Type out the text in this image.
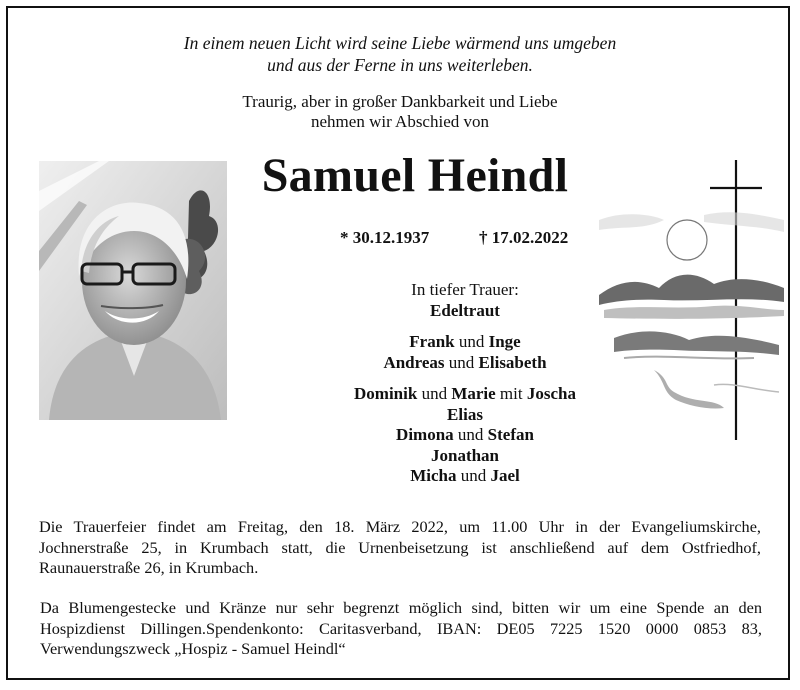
In einem neuen Licht wird seine Liebe wärmend uns umgeben
und aus der Ferne in uns weiterleben.
Traurig, aber in großer Dankbarkeit und Liebe
nehmen wir Abschied von
Samuel Heindl
* 30.12.1937	† 17.02.2022
In tiefer Trauer:
Edeltraut
Frank und Inge
Andreas und Elisabeth
Dominik und Marie mit Joscha
Elias
Dimona und Stefan
Jonathan
Micha und Jael
Die Trauerfeier findet am Freitag, den 18. März 2022, um 11.00 Uhr in der Evangeliumskirche,
Jochnerstraße 25, in Krumbach statt, die Urnenbeisetzung ist anschließend auf dem Ostfriedhof,
Raunauerstraße 26, in Krumbach.
Da Blumengestecke und Kränze nur sehr begrenzt möglich sind, bitten wir um eine Spende an den
Hospizdienst Dillingen.Spendenkonto: Caritasverband, IBAN: DE05 7225 1520 0000 0853 83,
Verwendungszweck „Hospiz - Samuel Heindl“
